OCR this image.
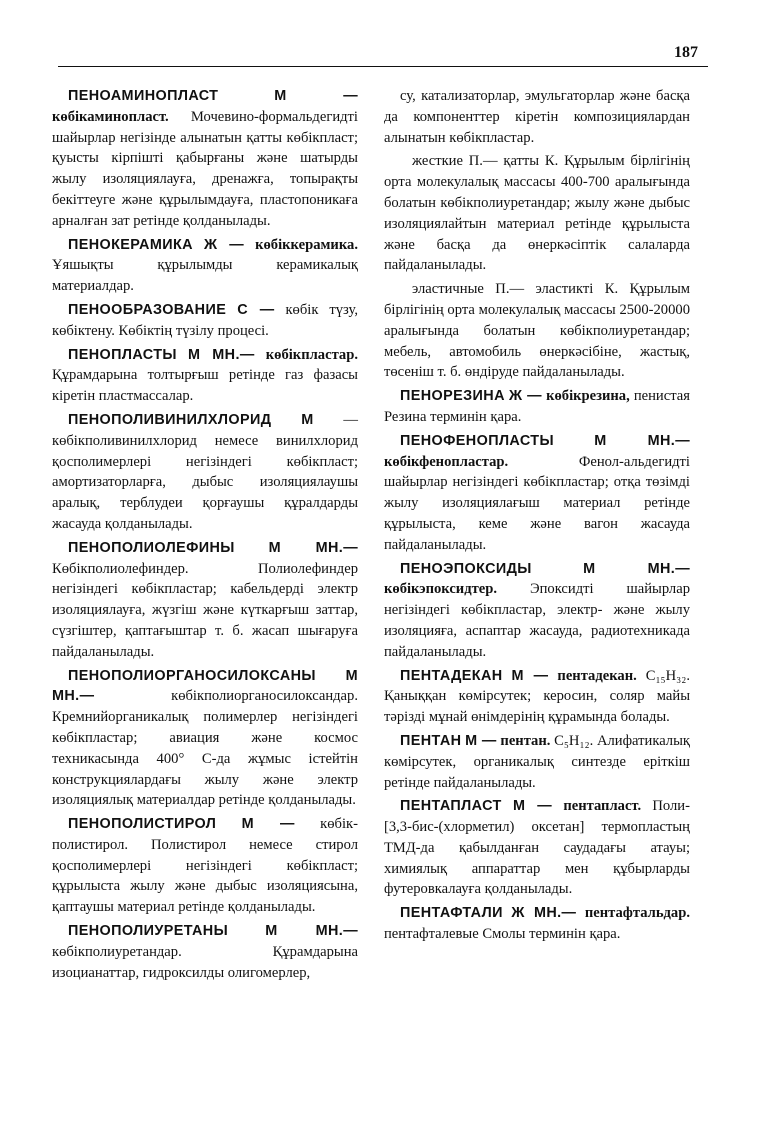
187

ПЕНОАМИНОПЛАСТ	М — көбікаминопласт. Мочевино-формальдегидті шайырлар негізінде алынатын қатты көбікпласт; қуысты кірпішті қабырғаны және шатырды жылу изоляциялауға, дренажға, топырақты бекіттеуге және құрылымдауға, пластопоникаға арналған зат ретінде қолданылады.

ПЕНОКЕРАМИКА Ж — көбіккерамика. Ұяшықты құрылымды керамикалық материалдар.

ПЕНООБРАЗОВАНИЕ С — көбік түзу, көбіктену. Көбіктің түзілу процесі.

ПЕНОПЛАСТЫ М МН.— көбікпластар. Құрамдарына толтырғыш ретінде газ фазасы кіретін пластмассалар.

ПЕНОПОЛИВИНИЛХЛОРИД М — көбікполивинилхлорид немесе винилхлорид қосполимерлері негізіндегі көбікпласт; амортизаторларға, дыбыс изоляциялаушы аралық, терблудеи қорғаушы құралдарды жасауда қолданылады.

ПЕНОПОЛИОЛЕФИНЫ М МН.— Көбікполиолефиндер. Полиолефиндер негізіндегі көбікпластар; кабельдерді электр изоляциялауға, жүзгіш және күткарғыш заттар, сүзгіштер, қаптағыштар т. б. жасап шығаруға пайдаланылады.

ПЕНОПОЛИОРГАНОСИЛОКСАНЫ М МН.—	көбікполиорганосилоксандар. Кремнийорганикалық полимерлер негізіндегі көбікпластар; авиация және космос техникасында 400° С-да жұмыс істейтін конструкциялардағы жылу және электр изоляциялық материалдар ретінде қолданылады.

ПЕНОПОЛИСТИРОЛ М — көбік-полистирол. Полистирол немесе стирол қосполимерлері негізіндегі көбікпласт; құрылыста жылу және дыбыс изоляциясына, қаптаушы материал ретінде қолданылады.

ПЕНОПОЛИУРЕТАНЫ	М МН.— көбікполиуретандар. Құрамдарына изоцианаттар, гидроксилды олигомерлер,

су, катализаторлар, эмульгаторлар және басқа да компоненттер кіретін композициялардан алынатын көбікпластар.

жесткие П.— қатты К. Құрылым бірлігінің орта молекулалық массасы 400-700 аралығында болатын көбікполиуретандар; жылу және дыбыс изоляциялайтын материал ретінде құрылыста және басқа да өнеркәсіптік салаларда пайдаланылады.

эластичные П.— эластикті К. Құрылым бірлігінің орта молекулалық массасы 2500-20000 аралығында болатын көбікполиуретандар; мебель, автомобиль өнеркәсібіне, жастық, төсеніш т. б. өндіруде пайдаланылады.

ПЕНОРЕЗИНА Ж — көбікрезина, пенистая Резина терминін қара.

ПЕНОФЕНОПЛАСТЫ	М МН.— көбікфенопластар.	Фенол-альдегидті шайырлар негізіндегі көбікпластар; отқа төзімді жылу изоляциялағыш материал ретінде құрылыста, кеме және вагон жасауда пайдаланылады.

ПЕНОЭПОКСИДЫ	М МН.— көбікэпоксидтер. Эпоксидті шайырлар негізіндегі көбікпластар, электр- және жылу изоляцияға, аспаптар жасауда, радиотехникада пайдаланылады.

ПЕНТАДЕКАН М — пентадекан. C₁₅H₃₂. Қаныққан көмірсутек; керосин, соляр майы тәрізді мұнай өнімдерінің құрамында болады.

ПЕНТАН М — пентан. C₅H₁₂. Алифатикалық көмірсутек, органикалық синтезде еріткіш ретінде пайдаланылады.

ПЕНТАПЛАСТ М — пентапласт. Поли- [3,3-бис-(хлорметил) оксетан] термопластың ТМД-да қабылданған саудадағы атауы; химиялық аппараттар мен құбырларды футеровкалауға қолданылады.

ПЕНТАФТАЛИ Ж МН.— пентафтальдар. пентафталевые Смолы терминін қара.
